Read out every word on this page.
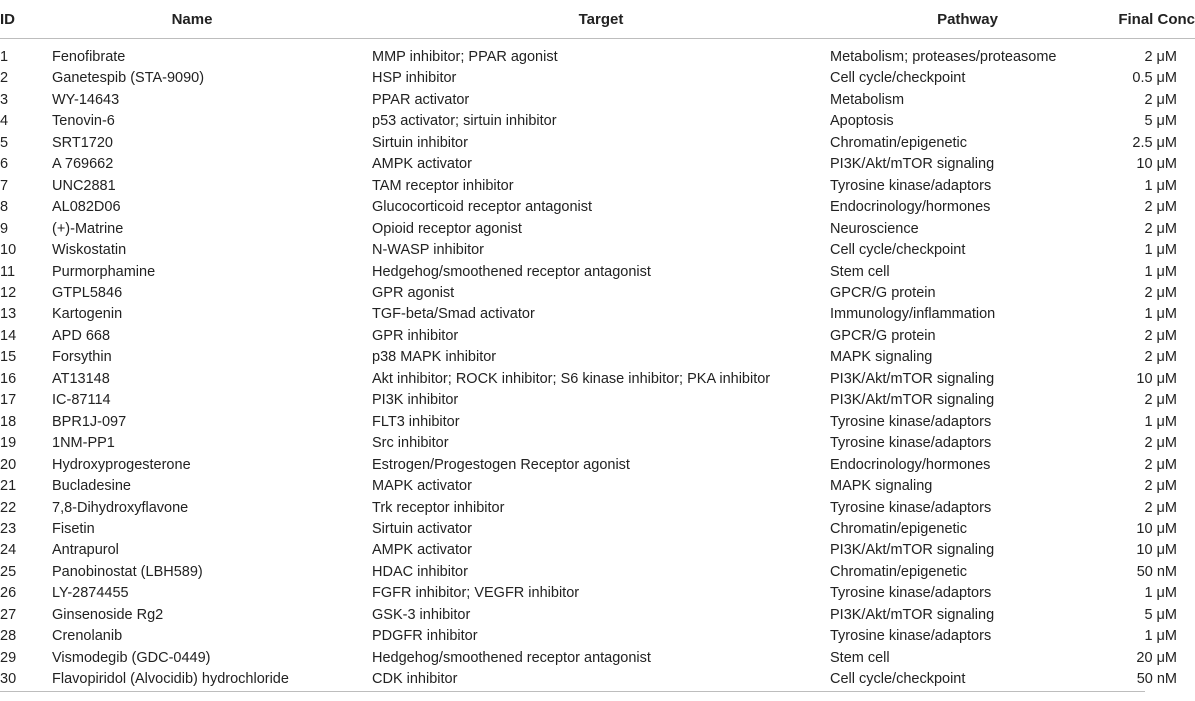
ID	Name	Target	Pathway	Final Conc

1	Fenofibrate	MMP inhibitor; PPAR agonist	Metabolism; proteases/proteasome	2 μM
2	Ganetespib (STA-9090)	HSP inhibitor	Cell cycle/checkpoint	0.5 μM
3	WY-14643	PPAR activator	Metabolism	2 μM
4	Tenovin-6	p53 activator; sirtuin inhibitor	Apoptosis	5 μM
5	SRT1720	Sirtuin inhibitor	Chromatin/epigenetic	2.5 μM
6	A 769662	AMPK activator	PI3K/Akt/mTOR signaling	10 μM
7	UNC2881	TAM receptor inhibitor	Tyrosine kinase/adaptors	1 μM
8	AL082D06	Glucocorticoid receptor antagonist	Endocrinology/hormones	2 μM
9	(+)-Matrine	Opioid receptor agonist	Neuroscience	2 μM
10	Wiskostatin	N-WASP inhibitor	Cell cycle/checkpoint	1 μM
11	Purmorphamine	Hedgehog/smoothened receptor antagonist	Stem cell	1 μM
12	GTPL5846	GPR agonist	GPCR/G protein	2 μM
13	Kartogenin	TGF-beta/Smad activator	Immunology/inflammation	1 μM
14	APD 668	GPR inhibitor	GPCR/G protein	2 μM
15	Forsythin	p38 MAPK inhibitor	MAPK signaling	2 μM
16	AT13148	Akt inhibitor; ROCK inhibitor; S6 kinase inhibitor; PKA inhibitor	PI3K/Akt/mTOR signaling	10 μM
17	IC-87114	PI3K inhibitor	PI3K/Akt/mTOR signaling	2 μM
18	BPR1J-097	FLT3 inhibitor	Tyrosine kinase/adaptors	1 μM
19	1NM-PP1	Src inhibitor	Tyrosine kinase/adaptors	2 μM
20	Hydroxyprogesterone	Estrogen/Progestogen Receptor agonist	Endocrinology/hormones	2 μM
21	Bucladesine	MAPK activator	MAPK signaling	2 μM
22	7,8-Dihydroxyflavone	Trk receptor inhibitor	Tyrosine kinase/adaptors	2 μM
23	Fisetin	Sirtuin activator	Chromatin/epigenetic	10 μM
24	Antrapurol	AMPK activator	PI3K/Akt/mTOR signaling	10 μM
25	Panobinostat (LBH589)	HDAC inhibitor	Chromatin/epigenetic	50 nM
26	LY-2874455	FGFR inhibitor; VEGFR inhibitor	Tyrosine kinase/adaptors	1 μM
27	Ginsenoside Rg2	GSK-3 inhibitor	PI3K/Akt/mTOR signaling	5 μM
28	Crenolanib	PDGFR inhibitor	Tyrosine kinase/adaptors	1 μM
29	Vismodegib (GDC-0449)	Hedgehog/smoothened receptor antagonist	Stem cell	20 μM
30	Flavopiridol (Alvocidib) hydrochloride	CDK inhibitor	Cell cycle/checkpoint	50 nM
